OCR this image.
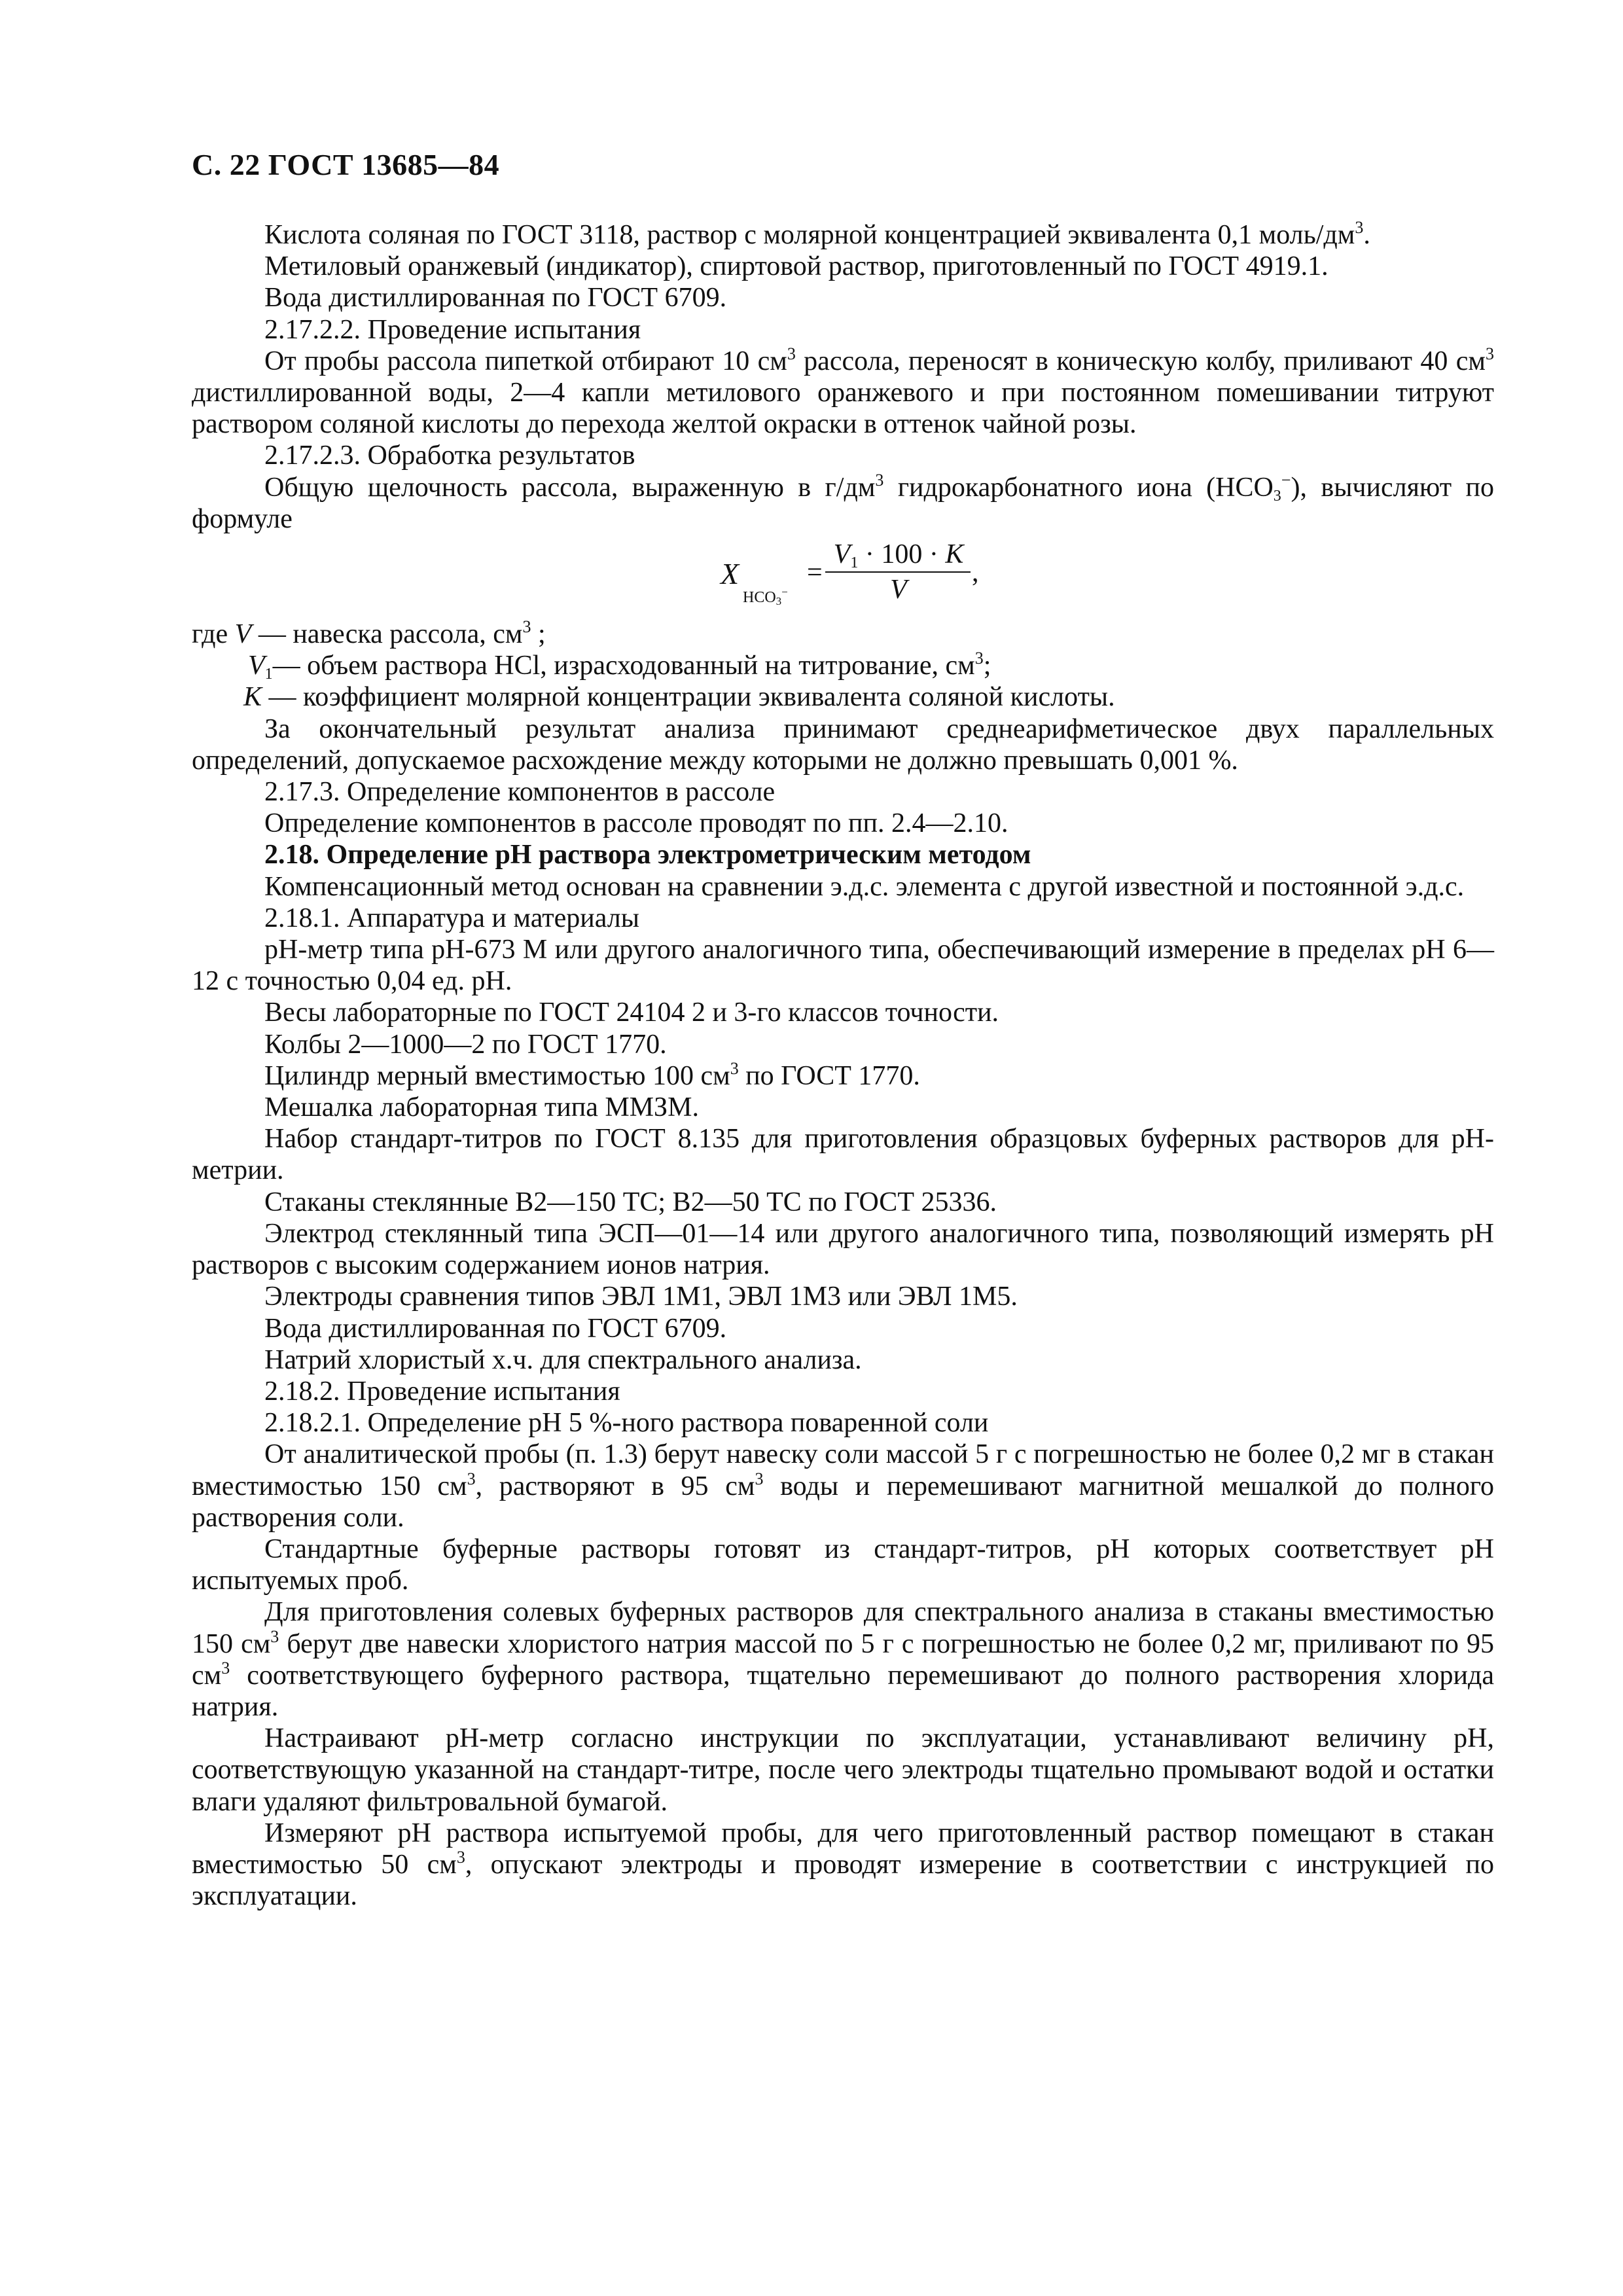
С. 22 ГОСТ 13685—84

Кислота соляная по ГОСТ 3118, раствор с молярной концентрацией эквивалента 0,1 моль/$дм^3$.

Метиловый оранжевый (индикатор), спиртовой раствор, приготовленный по ГОСТ 4919.1.

Вода дистиллированная по ГОСТ 6709.

2.17.2.2. Проведение испытания

От пробы рассола пипеткой отбирают 10 $см^3$ рассола, переносят в коническую колбу, приливают 40 $см^3$ дистиллированной воды, 2—4 капли метилового оранжевого и при постоянном помешивании титруют раствором соляной кислоты до перехода желтой окраски в оттенок чайной розы.

2.17.2.3. Обработка результатов

Общую щелочность рассола, выраженную в $г/дм^3$ гидрокарбонатного иона $(HCO_3^-)$, вычисляют по формуле

X
$HCO_3^-$
=
$V_1 \cdot 100 \cdot K$
V
,

где V — навеска рассола, $см^3$ ;

$V_1—$ объем раствора HCl, израсходованный на титрование, $см^3$;

K — коэффициент молярной концентрации эквивалента соляной кислоты.

За окончательный результат анализа принимают среднеарифметическое двух параллельных определений, допускаемое расхождение между которыми не должно превышать 0,001 %.

2.17.3. Определение компонентов в рассоле

Определение компонентов в рассоле проводят по пп. 2.4—2.10.

2.18. Определение pH раствора электрометрическим методом

Компенсационный метод основан на сравнении э.д.с. элемента с другой известной и постоянной э.д.с.

2.18.1. Аппаратура и материалы

pH-метр типа pH-673 М или другого аналогичного типа, обеспечивающий измерение в пределах pH 6—12 с точностью 0,04 ед. pH.

Весы лабораторные по ГОСТ 24104 2 и 3-го классов точности.

Колбы 2—1000—2 по ГОСТ 1770.

Цилиндр мерный вместимостью 100 $см^3$ по ГОСТ 1770.

Мешалка лабораторная типа ММЗМ.

Набор стандарт-титров по ГОСТ 8.135 для приготовления образцовых буферных растворов для pH-метрии.

Стаканы стеклянные В2—150 ТС; В2—50 ТС по ГОСТ 25336.

Электрод стеклянный типа ЭСП—01—14 или другого аналогичного типа, позволяющий измерять pH растворов с высоким содержанием ионов натрия.

Электроды сравнения типов ЭВЛ 1М1, ЭВЛ 1М3 или ЭВЛ 1М5.

Вода дистиллированная по ГОСТ 6709.

Натрий хлористый х.ч. для спектрального анализа.

2.18.2. Проведение испытания

2.18.2.1. Определение pH 5 %-ного раствора поваренной соли

От аналитической пробы (п. 1.3) берут навеску соли массой 5 г с погрешностью не более 0,2 мг в стакан вместимостью 150 $см^3$, растворяют в 95 $см^3$ воды и перемешивают магнитной мешалкой до полного растворения соли.

Стандартные буферные растворы готовят из стандарт-титров, pH которых соответствует pH испытуемых проб.

Для приготовления солевых буферных растворов для спектрального анализа в стаканы вместимостью 150 $см^3$ берут две навески хлористого натрия массой по 5 г с погрешностью не более 0,2 мг, приливают по 95 $см^3$ соответствующего буферного раствора, тщательно перемешивают до полного растворения хлорида натрия.

Настраивают pH-метр согласно инструкции по эксплуатации, устанавливают величину pH, соответствующую указанной на стандарт-титре, после чего электроды тщательно промывают водой и остатки влаги удаляют фильтровальной бумагой.

Измеряют pH раствора испытуемой пробы, для чего приготовленный раствор помещают в стакан вместимостью 50 $см^3$, опускают электроды и проводят измерение в соответствии с инструкцией по эксплуатации.
